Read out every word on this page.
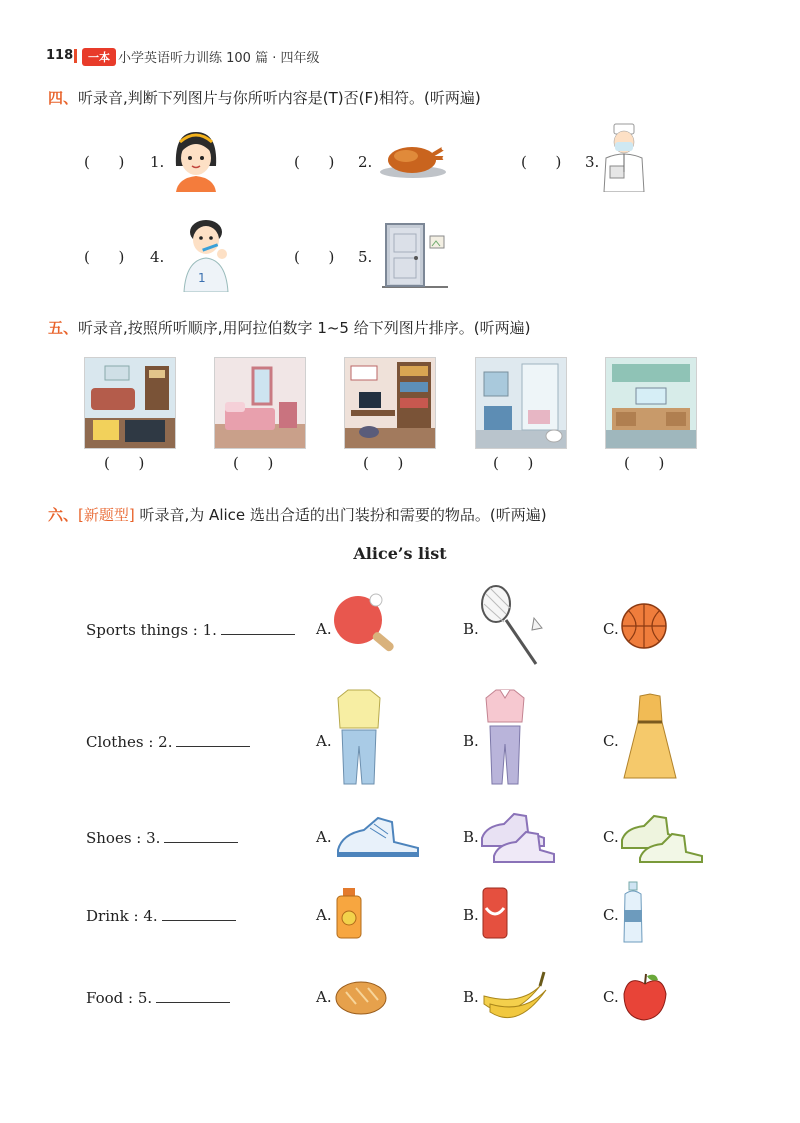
118	一本 小学英语听力训练 100 篇 · 四年级
四、听录音,判断下列图片与你所听内容是(T)否(F)相符。(听两遍)
(      ) 1.	(      ) 2.	(      ) 3.
(      ) 4.
1
(      ) 5.
五、听录音,按照所听顺序,用阿拉伯数字 1~5 给下列图片排序。(听两遍)
(      )	(      )	(      )	(      )	(      )
六、[新题型] 听录音,为 Alice 选出合适的出门装扮和需要的物品。(听两遍)
Alice’s list
Sports things : 1.	A.	B.	C.
Clothes : 2.	A.	B.	C.
Shoes : 3.	A.	B.	C.
Drink : 4.	A.	B.	C.
Food : 5.	A.	B.	C.
